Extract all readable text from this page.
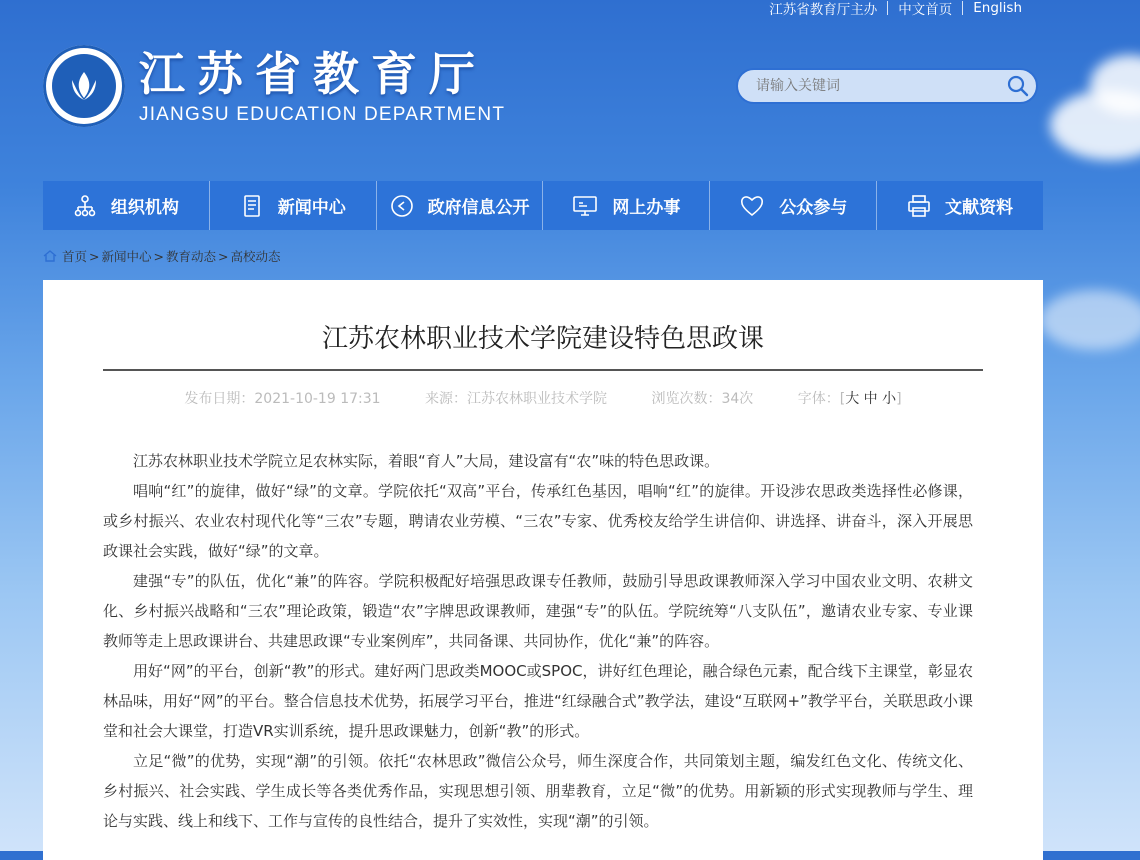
江苏省教育厅主办	中文首页	English
江苏省教育厅
JIANGSU EDUCATION DEPARTMENT
请输入关键词
组织机构	新闻中心	政府信息公开	网上办事	公众参与	文献资料
首页 > 新闻中心 > 教育动态 > 高校动态
江苏农林职业技术学院建设特色思政课
发布日期：2021-10-19 17:31	来源：江苏农林职业技术学院	浏览次数：34次	字体：[大 中 小]

江苏农林职业技术学院立足农林实际，着眼“育人”大局，建设富有“农”味的特色思政课。

唱响“红”的旋律，做好“绿”的文章。学院依托“双高”平台，传承红色基因，唱响“红”的旋律。开设涉农思政类选择性必修课，或乡村振兴、农业农村现代化等“三农”专题，聘请农业劳模、“三农”专家、优秀校友给学生讲信仰、讲选择、讲奋斗，深入开展思政课社会实践，做好“绿”的文章。

建强“专”的队伍，优化“兼”的阵容。学院积极配好培强思政课专任教师，鼓励引导思政课教师深入学习中国农业文明、农耕文化、乡村振兴战略和“三农”理论政策，锻造“农”字牌思政课教师，建强“专”的队伍。学院统筹“八支队伍”，邀请农业专家、专业课教师等走上思政课讲台、共建思政课“专业案例库”，共同备课、共同协作，优化“兼”的阵容。

用好“网”的平台，创新“教”的形式。建好两门思政类MOOC或SPOC，讲好红色理论，融合绿色元素，配合线下主课堂，彰显农林品味，用好“网”的平台。整合信息技术优势，拓展学习平台，推进“红绿融合式”教学法，建设“互联网+”教学平台，关联思政小课堂和社会大课堂，打造VR实训系统，提升思政课魅力，创新“教”的形式。

立足“微”的优势，实现“潮”的引领。依托“农林思政”微信公众号，师生深度合作，共同策划主题，编发红色文化、传统文化、乡村振兴、社会实践、学生成长等各类优秀作品，实现思想引领、朋辈教育，立足“微”的优势。用新颖的形式实现教师与学生、理论与实践、线上和线下、工作与宣传的良性结合，提升了实效性，实现“潮”的引领。
